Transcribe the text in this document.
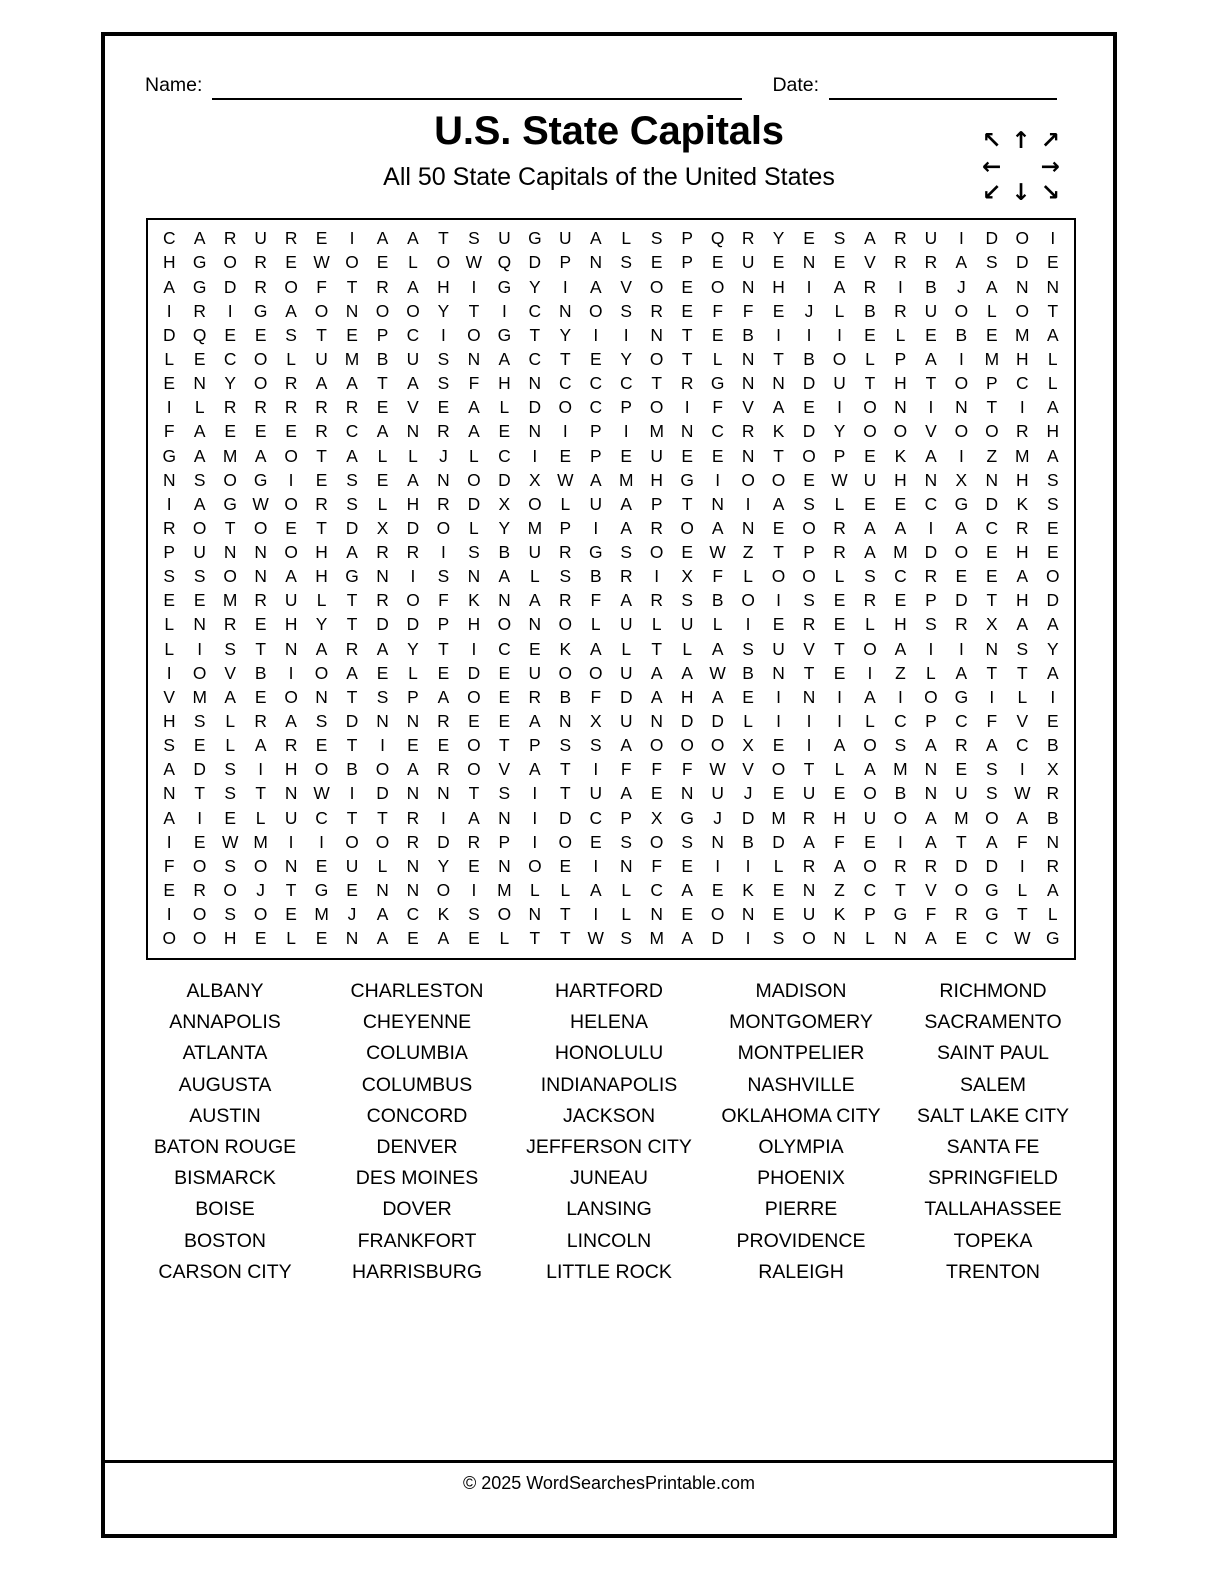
Name:	Date:
U.S. State Capitals

All 50 State Capitals of the United States

↖ ↑ ↗
← →
↙ ↓ ↘
C A R U R E I A A T S U G U A L S P Q R Y E S A R U I D O I
H G O R E W O E L O W Q D P N S E P E U E N E V R R A S D E
A G D R O F T R A H I G Y I A V O E O N H I A R I B J A N N
I R I G A O N O O Y T I C N O S R E F F E J L B R U O L O T
D Q E E S T E P C I O G T Y I I N T E B I I I E L E B E M A
L E C O L U M B U S N A C T E Y O T L N T B O L P A I M H L
E N Y O R A A T A S F H N C C C T R G N N D U T H T O P C L
I L R R R R R E V E A L D O C P O I F V A E I O N I N T I A
F A E E E R C A N R A E N I P I M N C R K D Y O O V O O R H
G A M A O T A L L J L C I E P E U E E N T O P E K A I Z M A
N S O G I E S E A N O D X W A M H G I O O E W U H N X N H S
I A G W O R S L H R D X O L U A P T N I A S L E E C G D K S
R O T O E T D X D O L Y M P I A R O A N E O R A A I A C R E
P U N N O H A R R I S B U R G S O E W Z T P R A M D O E H E
S S O N A H G N I S N A L S B R I X F L O O L S C R E E A O
E E M R U L T R O F K N A R F A R S B O I S E R E P D T H D
L N R E H Y T D D P H O N O L U L U L I E R E L H S R X A A
L I S T N A R A Y T I C E K A L T L A S U V T O A I I N S Y
I O V B I O A E L E D E U O O U A A W B N T E I Z L A T T A
V M A E O N T S P A O E R B F D A H A E I N I A I O G I L I
H S L R A S D N N R E E A N X U N D D L I I I L C P C F V E
S E L A R E T I E E O T P S S A O O O X E I A O S A R A C B
A D S I H O B O A R O V A T I F F F W V O T L A M N E S I X
N T S T N W I D N N T S I T U A E N U J E U E O B N U S W R
A I E L U C T T R I A N I D C P X G J D M R H U O A M O A B
I E W M I I O O R D R P I O E S O S N B D A F E I A T A F N
F O S O N E U L N Y E N O E I N F E I I L R A O R R D D I R
E R O J T G E N N O I M L L A L C A E K E N Z C T V O G L A
I O S O E M J A C K S O N T I L N E O N E U K P G F R G T L
O O H E L E N A E A E L T T W S M A D I S O N L N A E C W G
ALBANY
ANNAPOLIS
ATLANTA
AUGUSTA
AUSTIN
BATON ROUGE
BISMARCK
BOISE
BOSTON
CARSON CITY
CHARLESTON
CHEYENNE
COLUMBIA
COLUMBUS
CONCORD
DENVER
DES MOINES
DOVER
FRANKFORT
HARRISBURG
HARTFORD
HELENA
HONOLULU
INDIANAPOLIS
JACKSON
JEFFERSON CITY
JUNEAU
LANSING
LINCOLN
LITTLE ROCK
MADISON
MONTGOMERY
MONTPELIER
NASHVILLE
OKLAHOMA CITY
OLYMPIA
PHOENIX
PIERRE
PROVIDENCE
RALEIGH
RICHMOND
SACRAMENTO
SAINT PAUL
SALEM
SALT LAKE CITY
SANTA FE
SPRINGFIELD
TALLAHASSEE
TOPEKA
TRENTON
© 2025 WordSearchesPrintable.com
